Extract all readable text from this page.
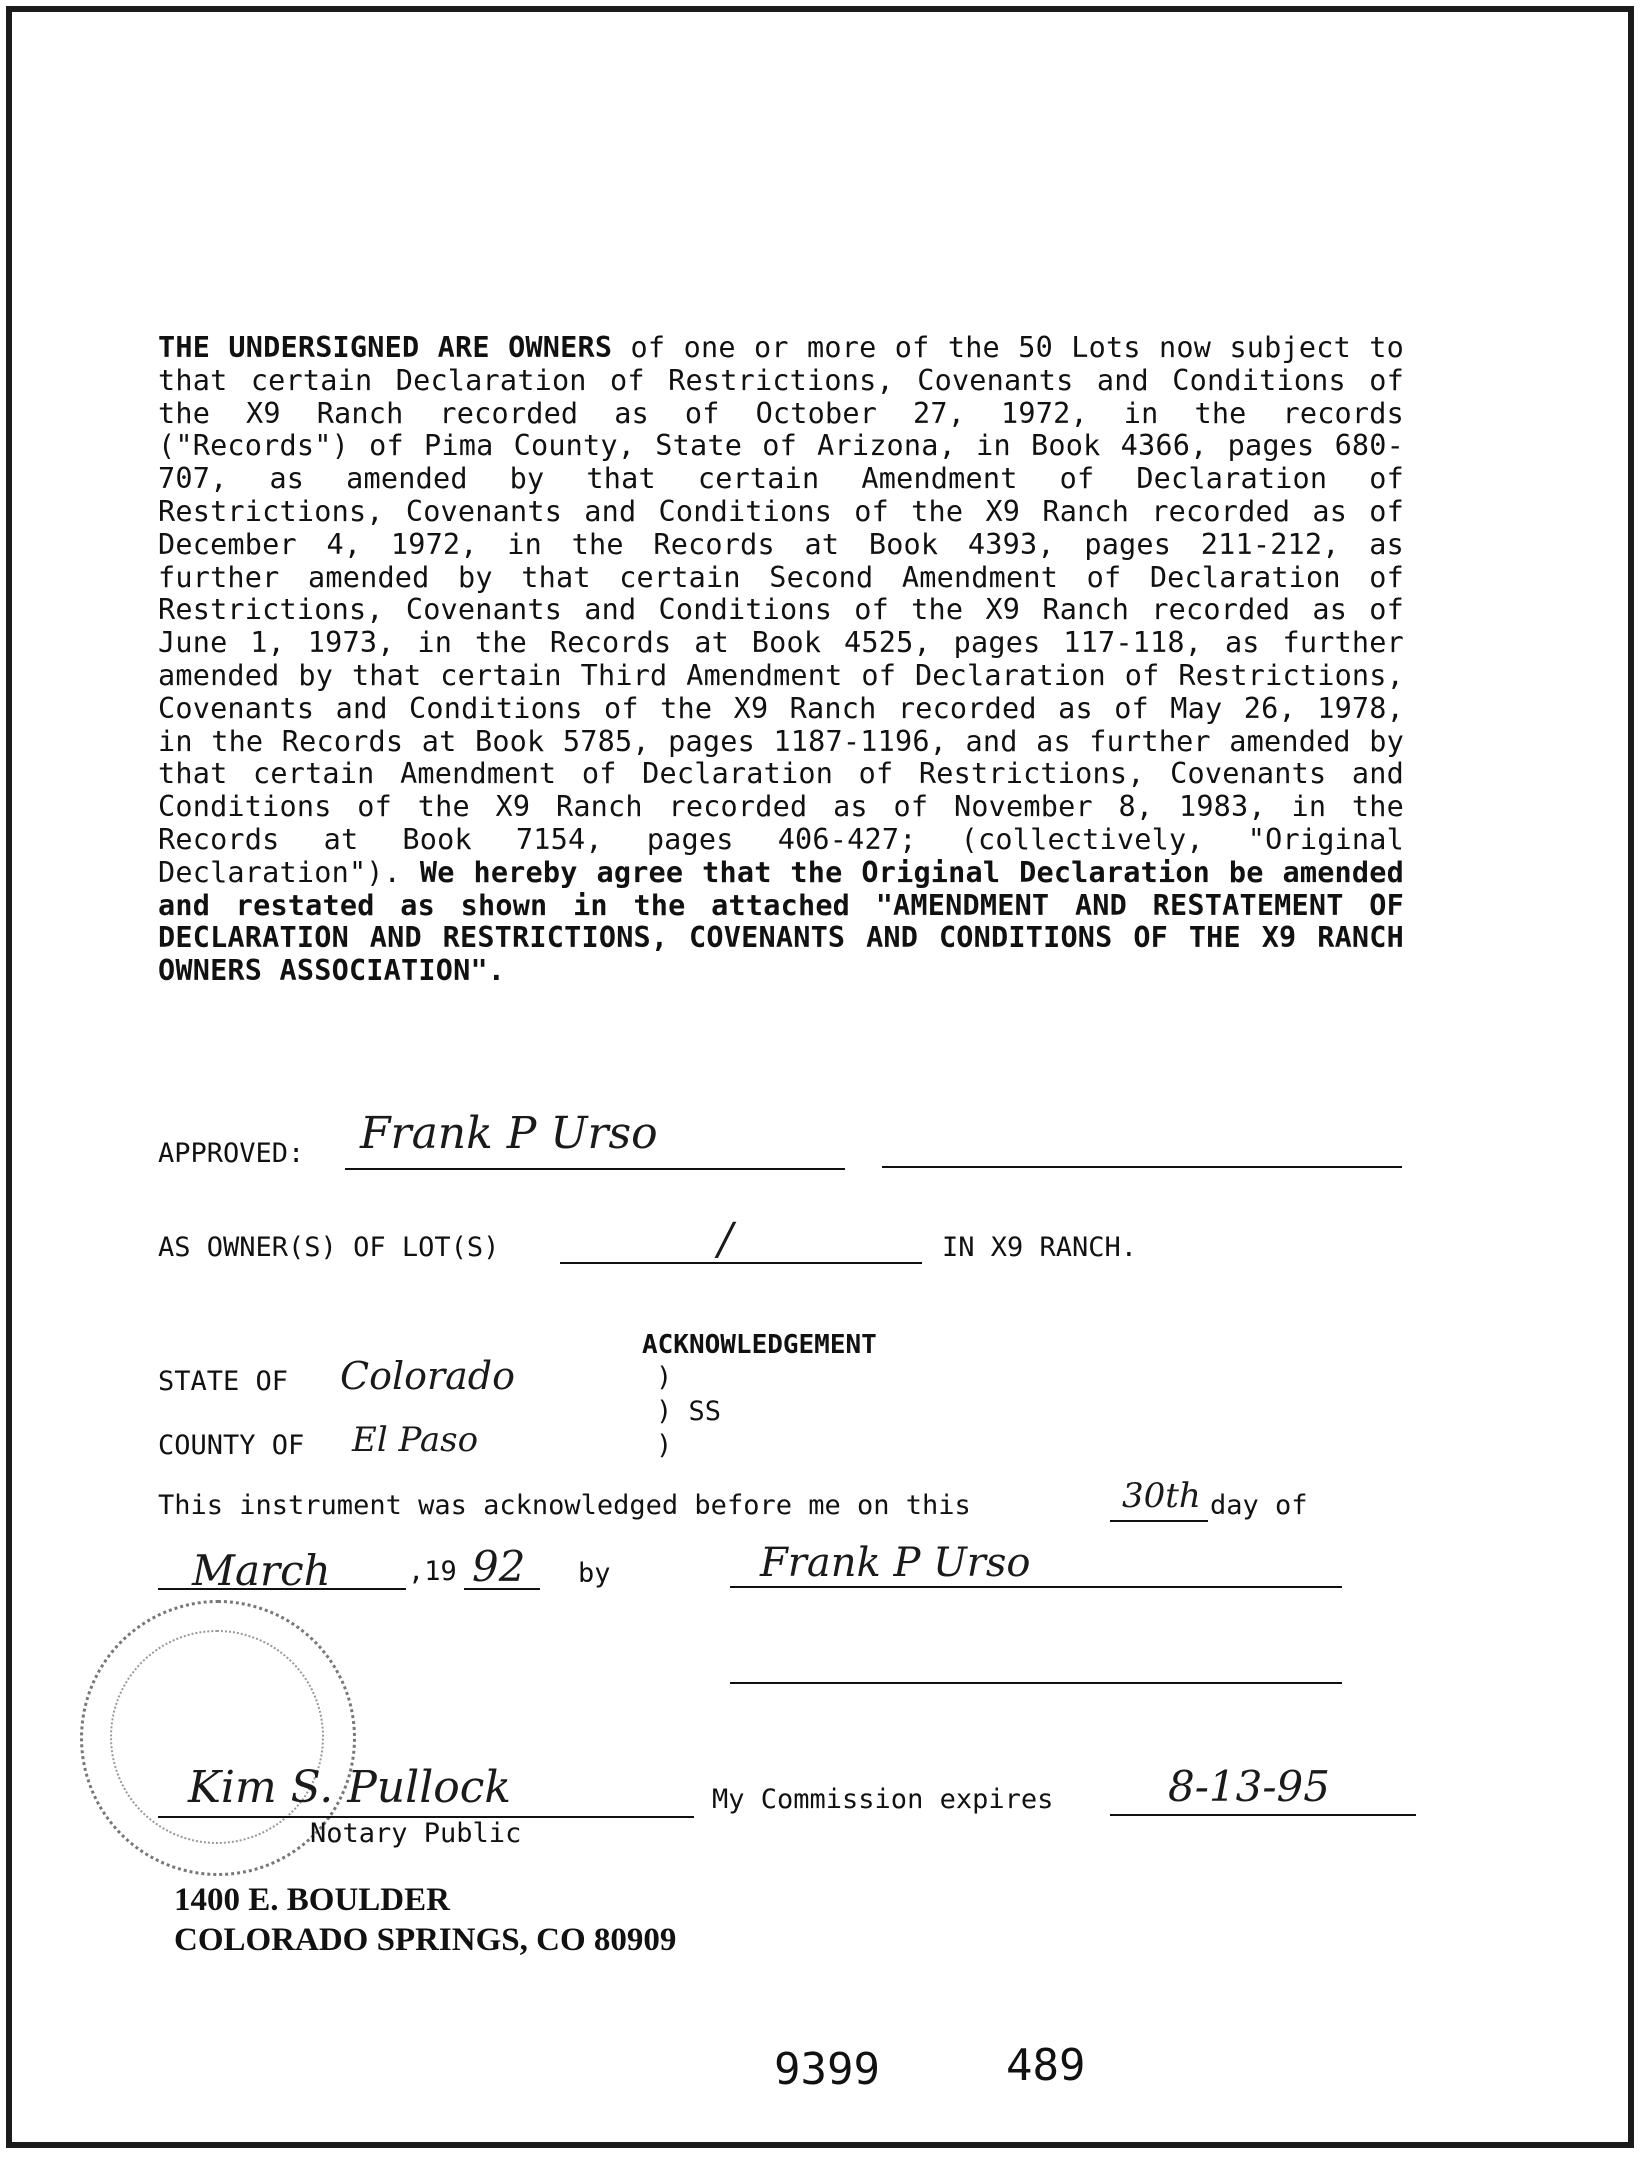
THE UNDERSIGNED ARE OWNERS of one or more of the 50 Lots now subject to that certain Declaration of Restrictions, Covenants and Conditions of the X9 Ranch recorded as of October 27, 1972, in the records ("Records") of Pima County, State of Arizona, in Book 4366, pages 680-707, as amended by that certain Amendment of Declaration of Restrictions, Covenants and Conditions of the X9 Ranch recorded as of December 4, 1972, in the Records at Book 4393, pages 211-212, as further amended by that certain Second Amendment of Declaration of Restrictions, Covenants and Conditions of the X9 Ranch recorded as of June 1, 1973, in the Records at Book 4525, pages 117-118, as further amended by that certain Third Amendment of Declaration of Restrictions, Covenants and Conditions of the X9 Ranch recorded as of May 26, 1978, in the Records at Book 5785, pages 1187-1196, and as further amended by that certain Amendment of Declaration of Restrictions, Covenants and Conditions of the X9 Ranch recorded as of November 8, 1983, in the Records at Book 7154, pages 406-427; (collectively, "Original Declaration"). We hereby agree that the Original Declaration be amended and restated as shown in the attached "AMENDMENT AND RESTATEMENT OF DECLARATION AND RESTRICTIONS, COVENANTS AND CONDITIONS OF THE X9 RANCH OWNERS ASSOCIATION".

APPROVED: Frank P Urso
AS OWNER(S) OF LOT(S)	/	IN X9 RANCH.
ACKNOWLEDGEMENT
STATE OF Colorado	)
) SS
)
COUNTY OF El Paso
This instrument was acknowledged before me on this	30th day of
March	,19 92 by	Frank P Urso
Kim S. Pullock
Notary Public
My Commission expires	8-13-95
1400 E. BOULDER
COLORADO SPRINGS, CO 80909
9399	489
